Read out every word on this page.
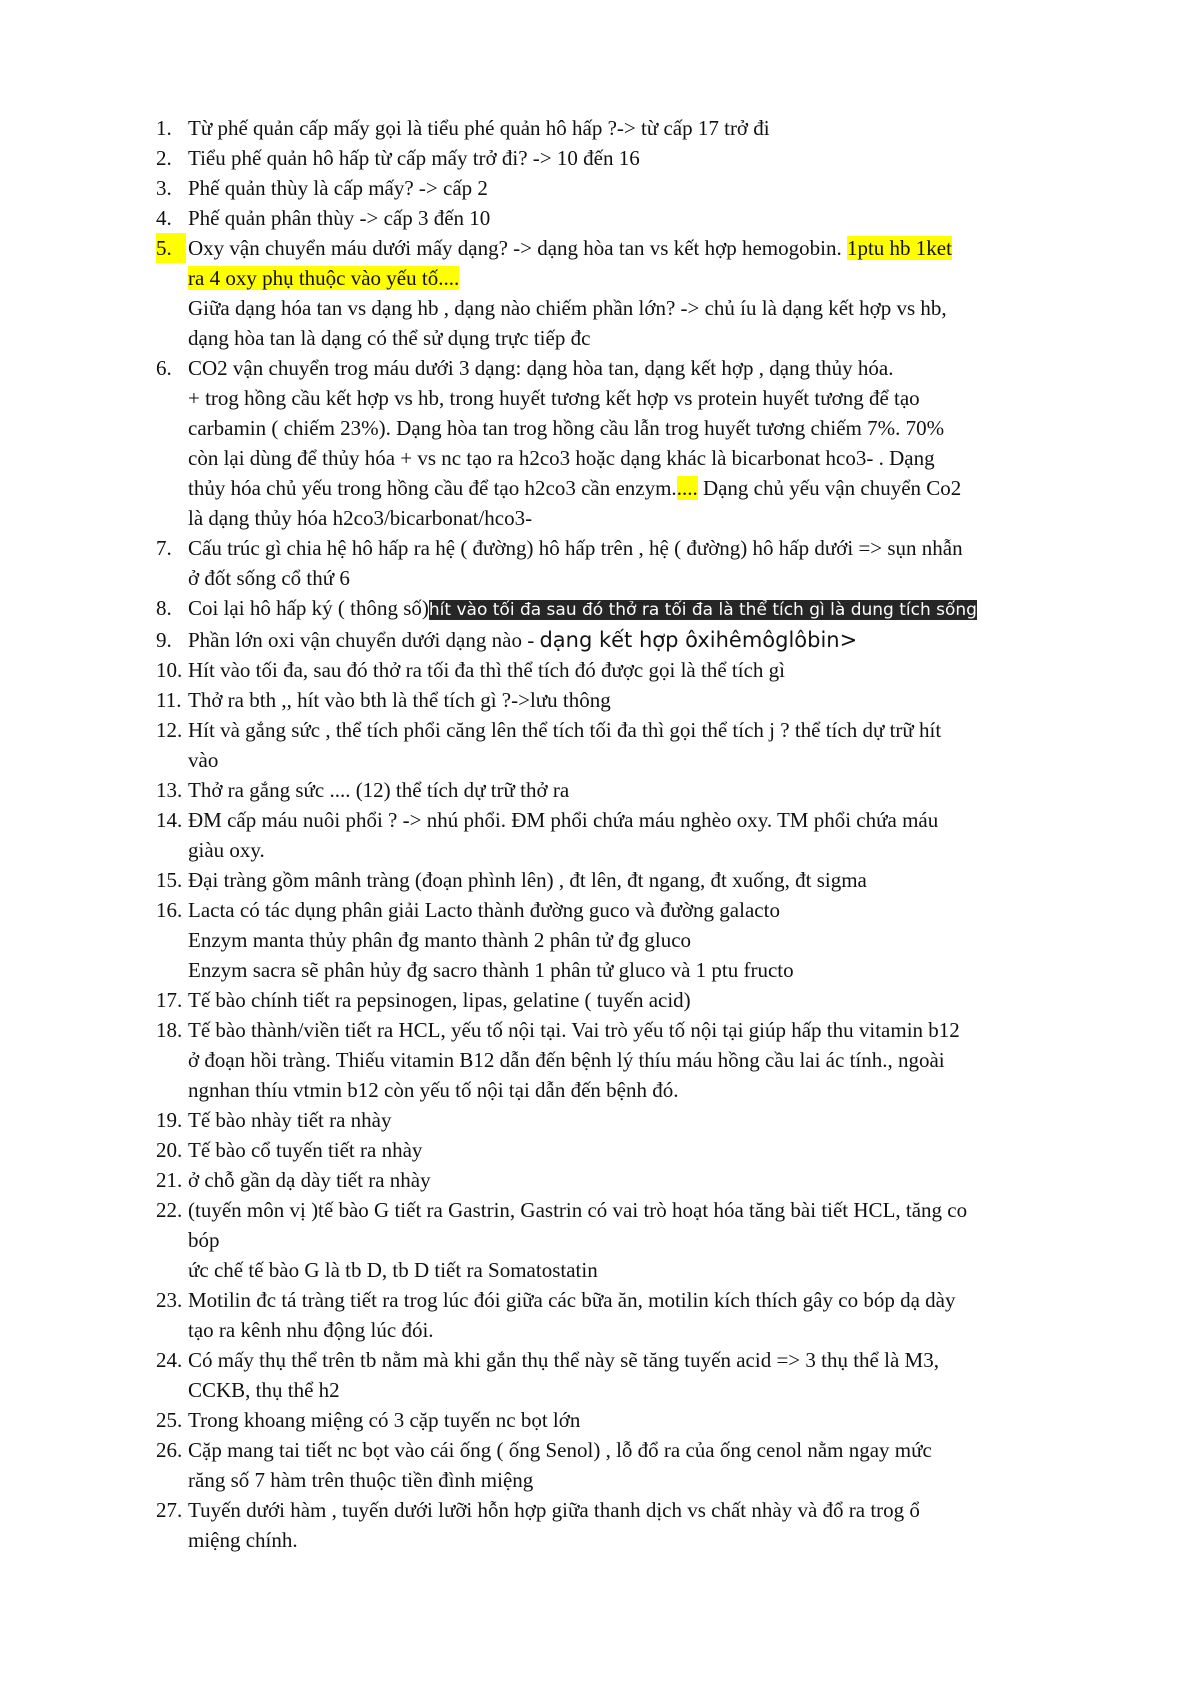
1. Từ phế quản cấp mấy gọi là tiểu phé quản hô hấp ?-> từ cấp 17 trở đi
2. Tiểu phế quản hô hấp từ cấp mấy trở đi? -> 10 đến 16
3. Phế quản thùy là cấp mấy? -> cấp 2
4. Phế quản phân thùy -> cấp 3 đến 10
5. Oxy vận chuyển máu dưới mấy dạng? -> dạng hòa tan vs kết hợp hemogobin. 1ptu hb 1ket
ra 4 oxy phụ thuộc vào yếu tố....
Giữa dạng hóa tan vs dạng hb , dạng nào chiếm phần lớn? -> chủ íu là dạng kết hợp vs hb,
dạng hòa tan là dạng có thể sử dụng trực tiếp đc
6. CO2 vận chuyển trog máu dưới 3 dạng: dạng hòa tan, dạng kết hợp , dạng thủy hóa.
+ trog hồng cầu kết hợp vs hb, trong huyết tương kết hợp vs protein huyết tương để tạo
carbamin ( chiếm 23%). Dạng hòa tan trog hồng cầu lẫn trog huyết tương chiếm 7%. 70%
còn lại dùng để thủy hóa + vs nc tạo ra h2co3 hoặc dạng khác là bicarbonat hco3- . Dạng
thủy hóa chủ yếu trong hồng cầu để tạo h2co3 cần enzym..... Dạng chủ yếu vận chuyển Co2
là dạng thủy hóa h2co3/bicarbonat/hco3-
7. Cấu trúc gì chia hệ hô hấp ra hệ ( đường) hô hấp trên , hệ ( đường) hô hấp dưới => sụn nhẫn
ở đốt sống cổ thứ 6
8. Coi lại hô hấp ký ( thông số)hít vào tối đa sau đó thở ra tối đa là thể tích gì là dung tích sống
9. Phần lớn oxi vận chuyển dưới dạng nào - dạng kết hợp ôxihêmôglôbin>
10. Hít vào tối đa, sau đó thở ra tối đa thì thể tích đó được gọi là thể tích gì
11. Thở ra bth ,, hít vào bth là thể tích gì ?->lưu thông
12. Hít và gắng sức , thể tích phổi căng lên thể tích tối đa thì gọi thể tích j ? thể tích dự trữ hít
vào
13. Thở ra gắng sức .... (12) thể tích dự trữ thở ra
14. ĐM cấp máu nuôi phổi ? -> nhú phổi. ĐM phổi chứa máu nghèo oxy. TM phổi chứa máu
giàu oxy.
15. Đại tràng gồm mânh tràng (đoạn phình lên) , đt lên, đt ngang, đt xuống, đt sigma
16. Lacta có tác dụng phân giải Lacto thành đường guco và đường galacto
Enzym manta thủy phân đg manto thành 2 phân tử đg gluco
Enzym sacra sẽ phân hủy đg sacro thành 1 phân tử gluco và 1 ptu fructo
17. Tế bào chính tiết ra pepsinogen, lipas, gelatine ( tuyến acid)
18. Tế bào thành/viền tiết ra HCL, yếu tố nội tại. Vai trò yếu tố nội tại giúp hấp thu vitamin b12
ở đoạn hồi tràng. Thiếu vitamin B12 dẫn đến bệnh lý thíu máu hồng cầu lai ác tính., ngoài
ngnhan thíu vtmin b12 còn yếu tố nội tại dẫn đến bệnh đó.
19. Tế bào nhày tiết ra nhày
20. Tế bào cổ tuyến tiết ra nhày
21. ở chỗ gần dạ dày tiết ra nhày
22. (tuyến môn vị )tế bào G tiết ra Gastrin, Gastrin có vai trò hoạt hóa tăng bài tiết HCL, tăng co
bóp
ức chế tế bào G là tb D, tb D tiết ra Somatostatin
23. Motilin đc tá tràng tiết ra trog lúc đói giữa các bữa ăn, motilin kích thích gây co bóp dạ dày
tạo ra kênh nhu động lúc đói.
24. Có mấy thụ thể trên tb nằm mà khi gắn thụ thể này sẽ tăng tuyến acid => 3 thụ thể là M3,
CCKB, thụ thể h2
25. Trong khoang miệng có 3 cặp tuyến nc bọt lớn
26. Cặp mang tai tiết nc bọt vào cái ống ( ống Senol) , lỗ đổ ra của ống cenol nằm ngay mức
răng số 7 hàm trên thuộc tiền đình miệng
27. Tuyến dưới hàm , tuyến dưới lưỡi hỗn hợp giữa thanh dịch vs chất nhày và đổ ra trog ổ
miệng chính.
